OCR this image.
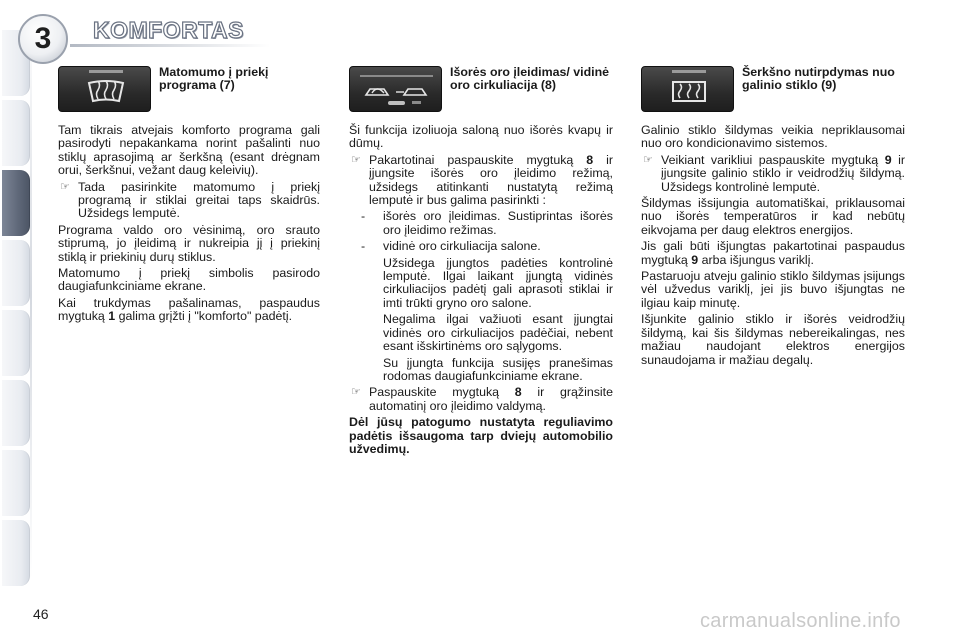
3	KOMFORTAS
Matomumo į priekį programa (7)

Tam tikrais atvejais komforto programa gali pasirodyti nepakankama norint pašalinti nuo stiklų aprasojimą ar šerkšną (esant drėgnam orui, šerkšnui, vežant daug keleivių).

☞ Tada pasirinkite matomumo į priekį programą ir stiklai greitai taps skaidrūs. Užsidegs lemputė.

Programa valdo oro vėsinimą, oro srauto stiprumą, jo įleidimą ir nukreipia jį į priekinį stiklą ir priekinių durų stiklus.

Matomumo į priekį simbolis pasirodo daugiafunkciniame ekrane.

Kai trukdymas pašalinamas, paspaudus mygtuką 1 galima grįžti į "komforto" padėtį.

Išorės oro įleidimas/ vidinė oro cirkuliacija (8)

Ši funkcija izoliuoja saloną nuo išorės kvapų ir dūmų.

☞ Pakartotinai paspauskite mygtuką 8 ir įjungsite išorės oro įleidimo režimą, užsidegs atitinkanti nustatytą režimą lemputė ir bus galima pasirinkti :
-	išorės oro įleidimas. Sustiprintas išorės oro įleidimo režimas.
-	vidinė oro cirkuliacija salone.

Užsidega įjungtos padėties kontrolinė lemputė. Ilgai laikant įjungtą vidinės cirkuliacijos padėtį gali aprasoti stiklai ir imti trūkti gryno oro salone.

Negalima ilgai važiuoti esant įjungtai vidinės oro cirkuliacijos padėčiai, nebent esant išskirtinėms oro sąlygoms.

Su įjungta funkcija susijęs pranešimas rodomas daugiafunkciniame ekrane.

☞ Paspauskite mygtuką 8 ir grąžinsite automatinį oro įleidimo valdymą.

Dėl jūsų patogumo nustatyta reguliavimo padėtis išsaugoma tarp dviejų automobilio užvedimų.

Šerkšno nutirpdymas nuo galinio stiklo (9)

Galinio stiklo šildymas veikia nepriklausomai nuo oro kondicionavimo sistemos.

☞ Veikiant varikliui paspauskite mygtuką 9 ir įjungsite galinio stiklo ir veidrodžių šildymą. Užsidegs kontrolinė lemputė.

Šildymas išsijungia automatiškai, priklausomai nuo išorės temperatūros ir kad nebūtų eikvojama per daug elektros energijos.

Jis gali būti išjungtas pakartotinai paspaudus mygtuką 9 arba išjungus variklį.

Pastaruoju atveju galinio stiklo šildymas įsijungs vėl užvedus variklį, jei jis buvo išjungtas ne ilgiau kaip minutę.

Išjunkite galinio stiklo ir išorės veidrodžių šildymą, kai šis šildymas nebereikalingas, nes mažiau naudojant elektros energijos sunaudojama ir mažiau degalų.

46	carmanualsonline.info
